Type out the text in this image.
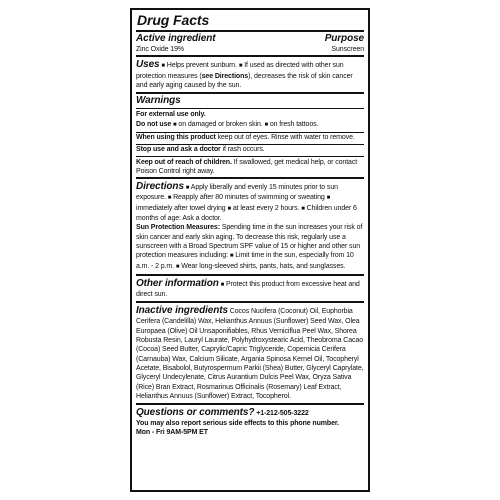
Drug Facts
Active ingredient	Purpose
Zinc Oxide 19%	Sunscreen
Uses ■ Helps prevent sunburn. ■ If used as directed with other sun protection measures (see Directions), decreases the risk of skin cancer and early aging caused by the sun.
Warnings
For external use only.
Do not use ■ on damaged or broken skin. ■ on fresh tattoos.
When using this product keep out of eyes. Rinse with water to remove.
Stop use and ask a doctor if rash occurs.
Keep out of reach of children. If swallowed, get medical help, or contact Poison Control right away.
Directions ■ Apply liberally and evenly 15 minutes prior to sun exposure. ■ Reapply after 80 minutes of swimming or sweating ■ immediately after towel drying ■ at least every 2 hours. ■ Children under 6 months of age: Ask a doctor.
Sun Protection Measures: Spending time in the sun increases your risk of skin cancer and early skin aging. To decrease this risk, regularly use a sunscreen with a Broad Spectrum SPF value of 15 or higher and other sun protection measures including: ■ Limit time in the sun, especially from 10 a.m. - 2 p.m. ■ Wear long-sleeved shirts, pants, hats, and sunglasses.
Other information ■ Protect this product from excessive heat and direct sun.
Inactive ingredients Cocos Nucifera (Coconut) Oil, Euphorbia Cerifera (Candelilla) Wax, Helianthus Annuus (Sunflower) Seed Wax, Olea Europaea (Olive) Oil Unsaponifiables, Rhus Verniciflua Peel Wax, Shorea Robusta Resin, Lauryl Laurate, Polyhydroxystearic Acid, Theobroma Cacao (Cocoa) Seed Butter, Caprylic/Capric Triglyceride, Copernicia Cerifera (Carnauba) Wax, Calcium Silicate, Argania Spinosa Kernel Oil, Tocopheryl Acetate, Bisabolol, Butyrospermum Parkii (Shea) Butter, Glyceryl Caprylate, Glyceryl Undecylenate, Citrus Aurantium Dulcis Peel Wax, Oryza Sativa (Rice) Bran Extract, Rosmarinus Officinalis (Rosemary) Leaf Extract, Helianthus Annuus (Sunflower) Extract, Tocopherol.
Questions or comments? +1-212-505-3222
You may also report serious side effects to this phone number.
Mon - Fri 9AM-5PM ET
